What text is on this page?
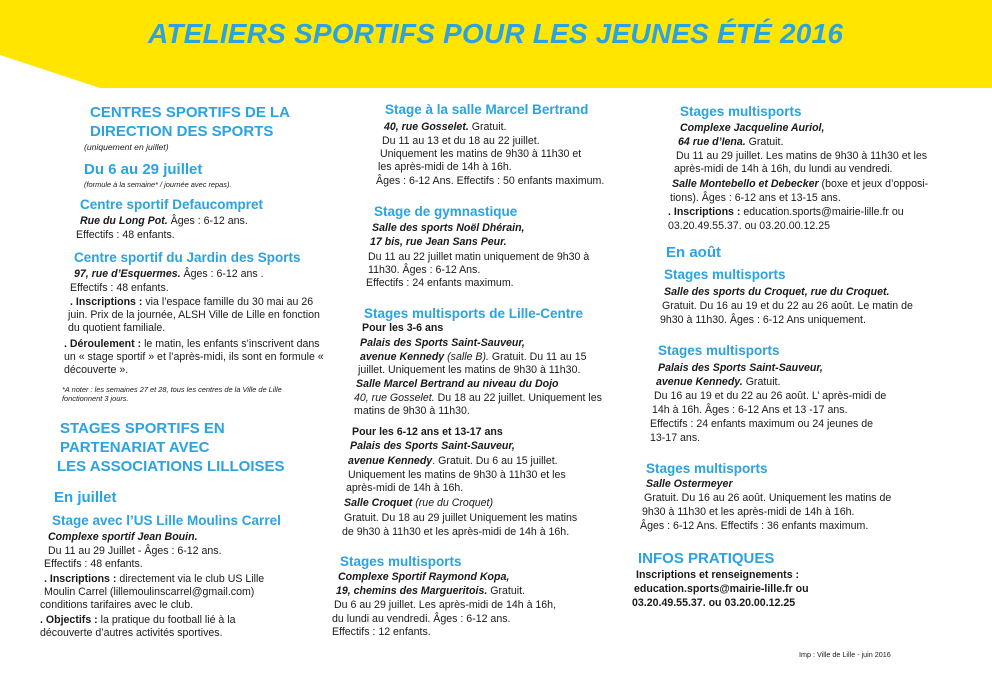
ATELIERS SPORTIFS POUR LES JEUNES ÉTÉ 2016
CENTRES SPORTIFS DE LA
DIRECTION DES SPORTS
(uniquement en juillet)
Du 6 au 29 juillet
(formule à la semaine* / journée avec repas).
Centre sportif Defaucompret
Rue du Long Pot. Âges : 6-12 ans.
Effectifs : 48 enfants.
Centre sportif du Jardin des Sports
97, rue d’Esquermes. Âges : 6-12 ans .
Effectifs : 48 enfants.
. Inscriptions : via l’espace famille du 30 mai au 26
juin. Prix de la journée, ALSH Ville de Lille en fonction
du quotient familiale.
. Déroulement : le matin, les enfants s’inscrivent dans
un « stage sportif » et l’après-midi, ils sont en formule «
découverte ».
*A noter : les semaines 27 et 28, tous les centres de la Ville de Lille
fonctionnent 3 jours.
STAGES SPORTIFS EN
PARTENARIAT AVEC
LES ASSOCIATIONS LILLOISES
En juillet
Stage avec l’US Lille Moulins Carrel
Complexe sportif Jean Bouin.
Du 11 au 29 Juillet - Âges : 6-12 ans.
Effectifs : 48 enfants.
. Inscriptions : directement via le club US Lille
Moulin Carrel (lillemoulinscarrel@gmail.com)
conditions tarifaires avec le club.
. Objectifs : la pratique du football lié à la
découverte d’autres activités sportives.
Stage à la salle Marcel Bertrand
40, rue Gosselet. Gratuit.
Du 11 au 13 et du 18 au 22 juillet.
Uniquement les matins de 9h30 à 11h30 et
les après-midi de 14h à 16h.
Âges : 6-12 Ans. Effectifs : 50 enfants maximum.
Stage de gymnastique
Salle des sports Noël Dhérain,
17 bis, rue Jean Sans Peur.
Du 11 au 22 juillet matin uniquement de 9h30 à
11h30. Âges : 6-12 Ans.
Effectifs : 24 enfants maximum.
Stages multisports de Lille-Centre
Pour les 3-6 ans
Palais des Sports Saint-Sauveur,
avenue Kennedy (salle B). Gratuit. Du 11 au 15
juillet. Uniquement les matins de 9h30 à 11h30.
Salle Marcel Bertrand au niveau du Dojo
40, rue Gosselet. Du 18 au 22 juillet. Uniquement les
matins de 9h30 à 11h30.
Pour les 6-12 ans et 13-17 ans
Palais des Sports Saint-Sauveur,
avenue Kennedy. Gratuit. Du 6 au 15 juillet.
Uniquement les matins de 9h30 à 11h30 et les
après-midi de 14h à 16h.
Salle Croquet (rue du Croquet)
Gratuit. Du 18 au 29 juillet Uniquement les matins
de 9h30 à 11h30 et les après-midi de 14h à 16h.
Stages multisports
Complexe Sportif Raymond Kopa,
19, chemins des Margueritois. Gratuit.
Du 6 au 29 juillet. Les après-midi de 14h à 16h,
du lundi au vendredi. Âges : 6-12 ans.
Effectifs : 12 enfants.
Stages multisports
Complexe Jacqueline Auriol,
64 rue d’Iena. Gratuit.
Du 11 au 29 juillet. Les matins de 9h30 à 11h30 et les
après-midi de 14h à 16h, du lundi au vendredi.
Salle Montebello et Debecker (boxe et jeux d’opposi-
tions). Âges : 6-12 ans et 13-15 ans.
. Inscriptions : education.sports@mairie-lille.fr ou
03.20.49.55.37. ou 03.20.00.12.25
En août
Stages multisports
Salle des sports du Croquet, rue du Croquet.
Gratuit. Du 16 au 19 et du 22 au 26 août. Le matin de
9h30 à 11h30. Âges : 6-12 Ans uniquement.
Stages multisports
Palais des Sports Saint-Sauveur,
avenue Kennedy. Gratuit.
Du 16 au 19 et du 22 au 26 août. L’ après-midi de
14h à 16h. Âges : 6-12 Ans et 13 -17 ans.
Effectifs : 24 enfants maximum ou 24 jeunes de
13-17 ans.
Stages multisports
Salle Ostermeyer
Gratuit. Du 16 au 26 août. Uniquement les matins de
9h30 à 11h30 et les après-midi de 14h à 16h.
Âges : 6-12 Ans. Effectifs : 36 enfants maximum.
INFOS PRATIQUES
Inscriptions et renseignements :
education.sports@mairie-lille.fr ou
03.20.49.55.37. ou 03.20.00.12.25
Imp : Ville de Lille - juin 2016
